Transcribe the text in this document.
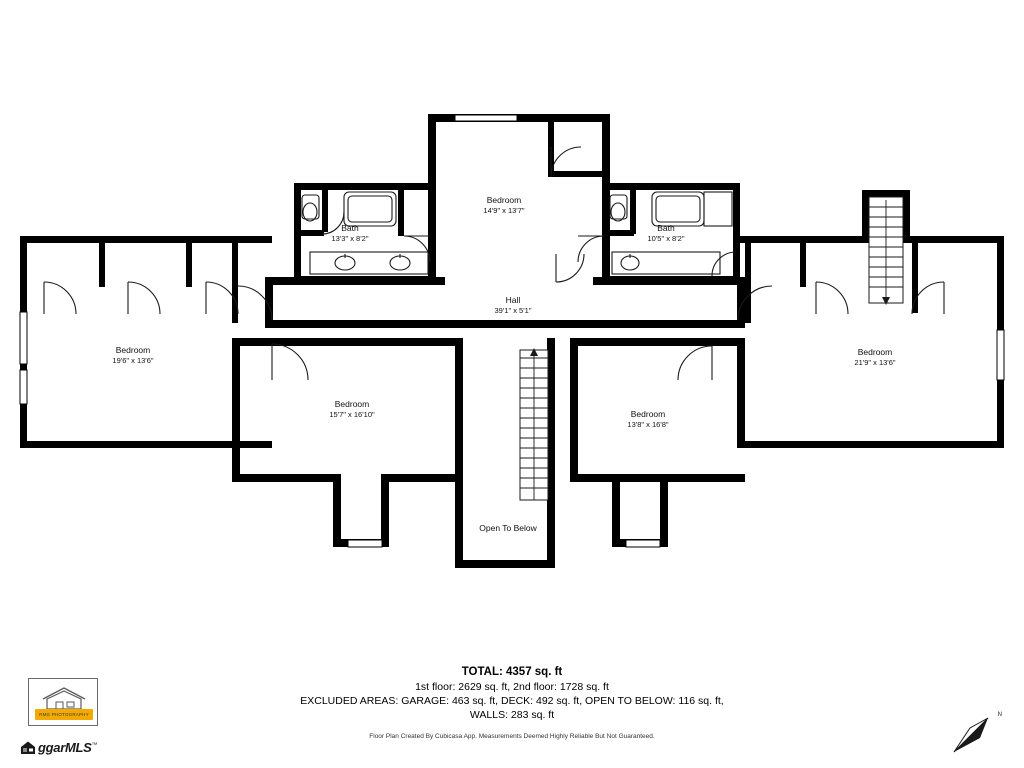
Bedroom
14'9" x 13'7"
Bath
13'3" x 8'2"
Bath
10'5" x 8'2"
Hall
39'1" x 5'1"
Bedroom
19'6" x 13'6"
Bedroom
21'9" x 13'6"
Bedroom
15'7" x 16'10"	Bedroom
13'8" x 16'8"
Open To Below
TOTAL: 4357 sq. ft
1st floor: 2629 sq. ft, 2nd floor: 1728 sq. ft
EXCLUDED AREAS: GARAGE: 463 sq. ft, DECK: 492 sq. ft, OPEN TO BELOW: 116 sq. ft,
WALLS: 283 sq. ft
Floor Plan Created By Cubicasa App. Measurements Deemed Highly Reliable But Not Guaranteed.
RMG PHOTOGRAPHY
ggarMLS™
N
